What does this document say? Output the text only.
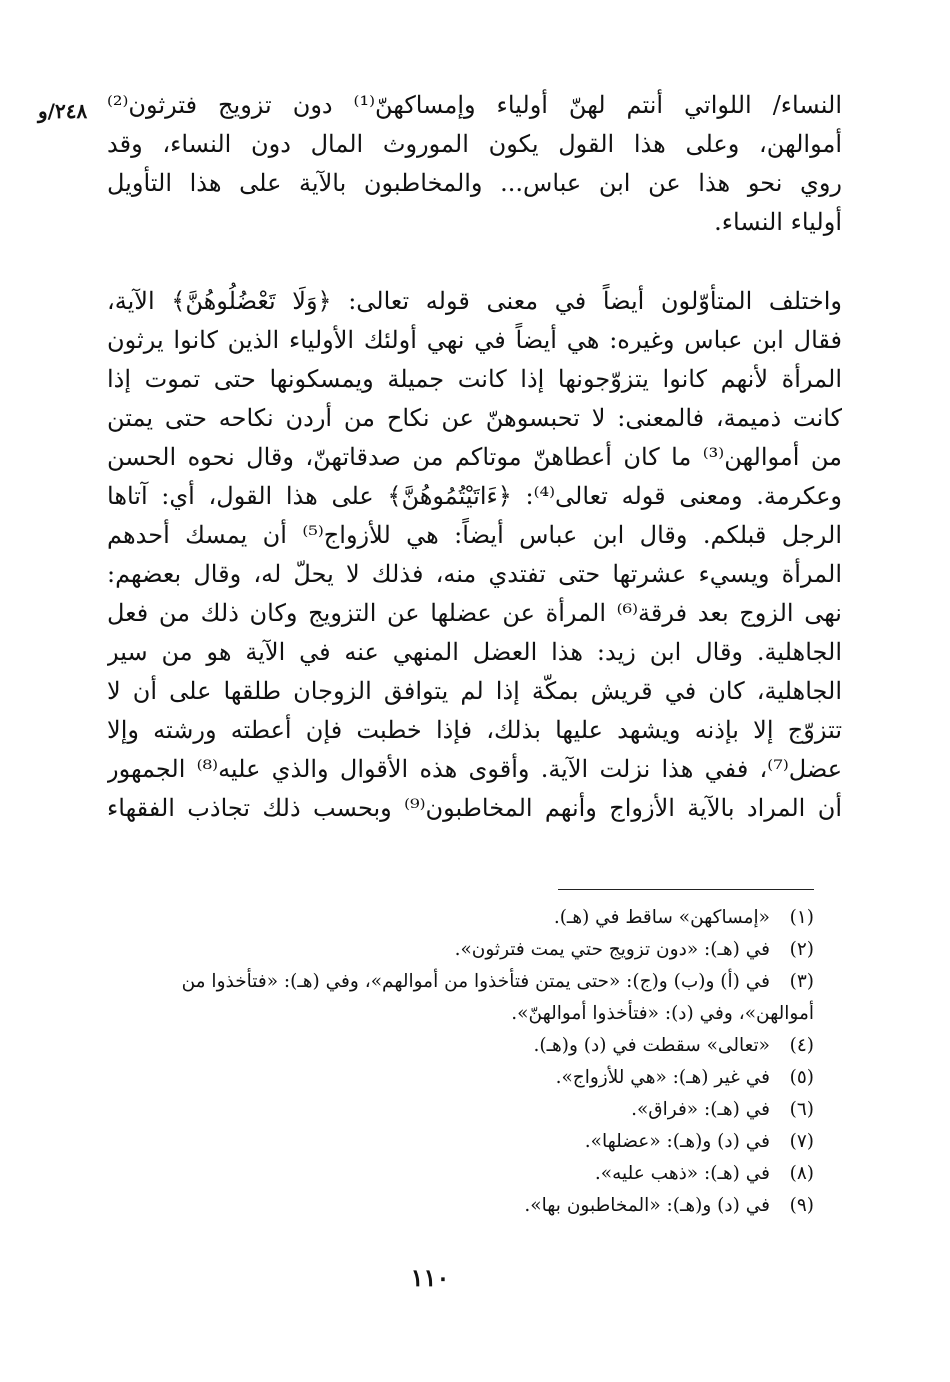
٢٤٨/و النساء/ اللواتي أنتم لهنّ أولياء وإمساكهنّ⁽¹⁾ دون تزويج فترثون⁽²⁾
أموالهن، وعلى هذا القول يكون الموروث المال دون النساء، وقد
روي نحو هذا عن ابن عباس... والمخاطبون بالآية على هذا التأويل
أولياء النساء.
واختلف المتأوّلون أيضاً في معنى قوله تعالى: ﴿وَلَا تَعْضُلُوهُنَّ﴾ الآية،
فقال ابن عباس وغيره: هي أيضاً في نهي أولئك الأولياء الذين كانوا يرثون
المرأة لأنهم كانوا يتزوّجونها إذا كانت جميلة ويمسكونها حتى تموت إذا
كانت ذميمة، فالمعنى: لا تحبسوهنّ عن نكاح من أردن نكاحه حتى يمتن
من أموالهن⁽³⁾ ما كان أعطاهنّ موتاكم من صدقاتهنّ، وقال نحوه الحسن
وعكرمة. ومعنى قوله تعالى⁽⁴⁾: ﴿ءَاتَيْتُمُوهُنَّ﴾ على هذا القول، أي: آتاها
الرجل قبلكم. وقال ابن عباس أيضاً: هي للأزواج⁽⁵⁾ أن يمسك أحدهم
المرأة ويسيء عشرتها حتى تفتدي منه، فذلك لا يحلّ له، وقال بعضهم:
نهى الزوج بعد فرقة⁽⁶⁾ المرأة عن عضلها عن التزويج وكان ذلك من فعل
الجاهلية. وقال ابن زيد: هذا العضل المنهي عنه في الآية هو من سير
الجاهلية، كان في قريش بمكّة إذا لم يتوافق الزوجان طلقها على أن لا
تتزوّج إلا بإذنه ويشهد عليها بذلك، فإذا خطبت فإن أعطته ورشته وإلا
عضل⁽⁷⁾، ففي هذا نزلت الآية. وأقوى هذه الأقوال والذي عليه⁽⁸⁾ الجمهور
أن المراد بالآية الأزواج وأنهم المخاطبون⁽⁹⁾ وبحسب ذلك تجاذب الفقهاء
(١)
«إمساكهن» ساقط في (هـ).
(٢)
في (هـ): «دون تزويج حتي يمت فترثون».
(٣)
في (أ) و(ب) و(ج): «حتى يمتن فتأخذوا من أموالهم»، وفي (هـ): «فتأخذوا من
أموالهن»، وفي (د): «فتأخذوا أموالهنّ».
(٤)
«تعالى» سقطت في (د) و(هـ).
(٥)
في غير (هـ): «هي للأزواج».
(٦)
في (هـ): «فراق».
(٧)
في (د) و(هـ): «عضلها».
(٨)
في (هـ): «ذهب عليه».
(٩)
في (د) و(هـ): «المخاطبون بها».
١١٠
